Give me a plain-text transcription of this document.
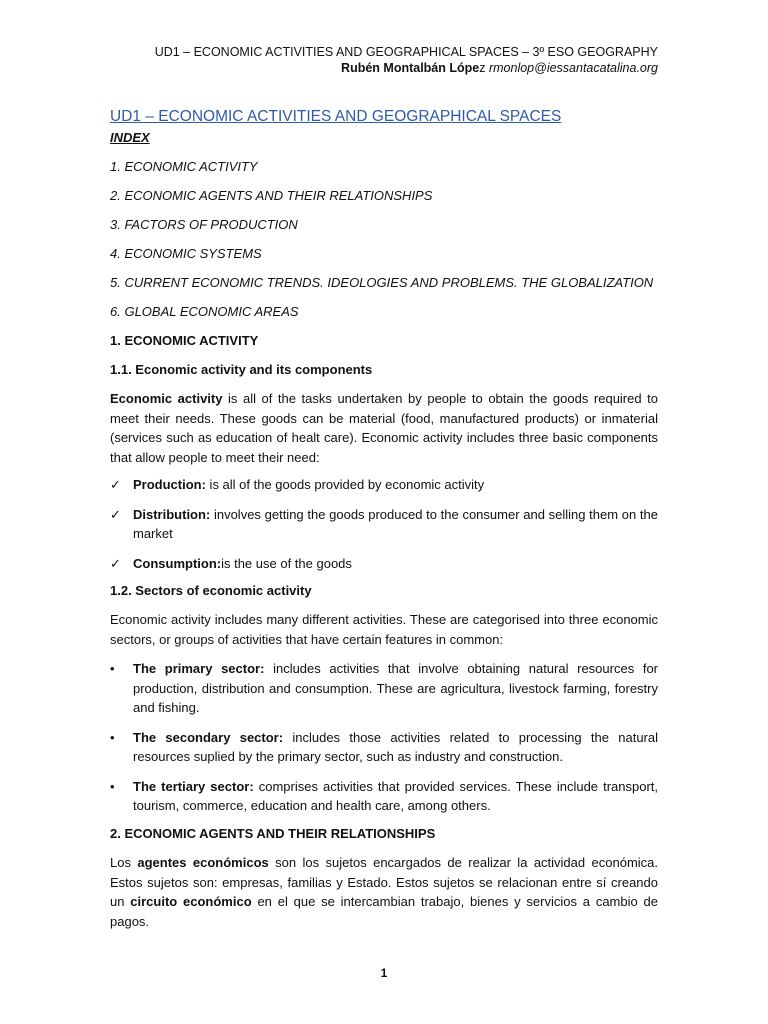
UD1 – ECONOMIC ACTIVITIES AND GEOGRAPHICAL SPACES – 3º ESO GEOGRAPHY
Rubén Montalbán López rmonlop@iessantacatalina.org
UD1 – ECONOMIC ACTIVITIES AND GEOGRAPHICAL SPACES
INDEX
1. ECONOMIC ACTIVITY
2. ECONOMIC AGENTS AND THEIR RELATIONSHIPS
3. FACTORS OF PRODUCTION
4. ECONOMIC SYSTEMS
5. CURRENT ECONOMIC TRENDS. IDEOLOGIES AND PROBLEMS. THE GLOBALIZATION
6. GLOBAL ECONOMIC AREAS
1. ECONOMIC ACTIVITY
1.1. Economic activity and its components

Economic activity is all of the tasks undertaken by people to obtain the goods required to meet their needs. These goods can be material (food, manufactured products) or inmaterial (services such as education of healt care). Economic activity includes three basic components that allow people to meet their need:

✓ Production: is all of the goods provided by economic activity
✓ Distribution: involves getting the goods produced to the consumer and selling them on the market
✓ Consumption:is the use of the goods
1.2. Sectors of economic activity

Economic activity includes many different activities. These are categorised into three economic sectors, or groups of activities that have certain features in common:

•	The primary sector: includes activities that involve obtaining natural resources for production, distribution and consumption. These are agricultura, livestock farming, forestry and fishing.
•	The secondary sector: includes those activities related to processing the natural resources suplied by the primary sector, such as industry and construction.
•	The tertiary sector: comprises activities that provided services. These include transport, tourism, commerce, education and health care, among others.
2. ECONOMIC AGENTS AND THEIR RELATIONSHIPS

Los agentes económicos son los sujetos encargados de realizar la actividad económica. Estos sujetos son: empresas, familias y Estado. Estos sujetos se relacionan entre sí creando un circuito económico en el que se intercambian trabajo, bienes y servicios a cambio de pagos.

1
